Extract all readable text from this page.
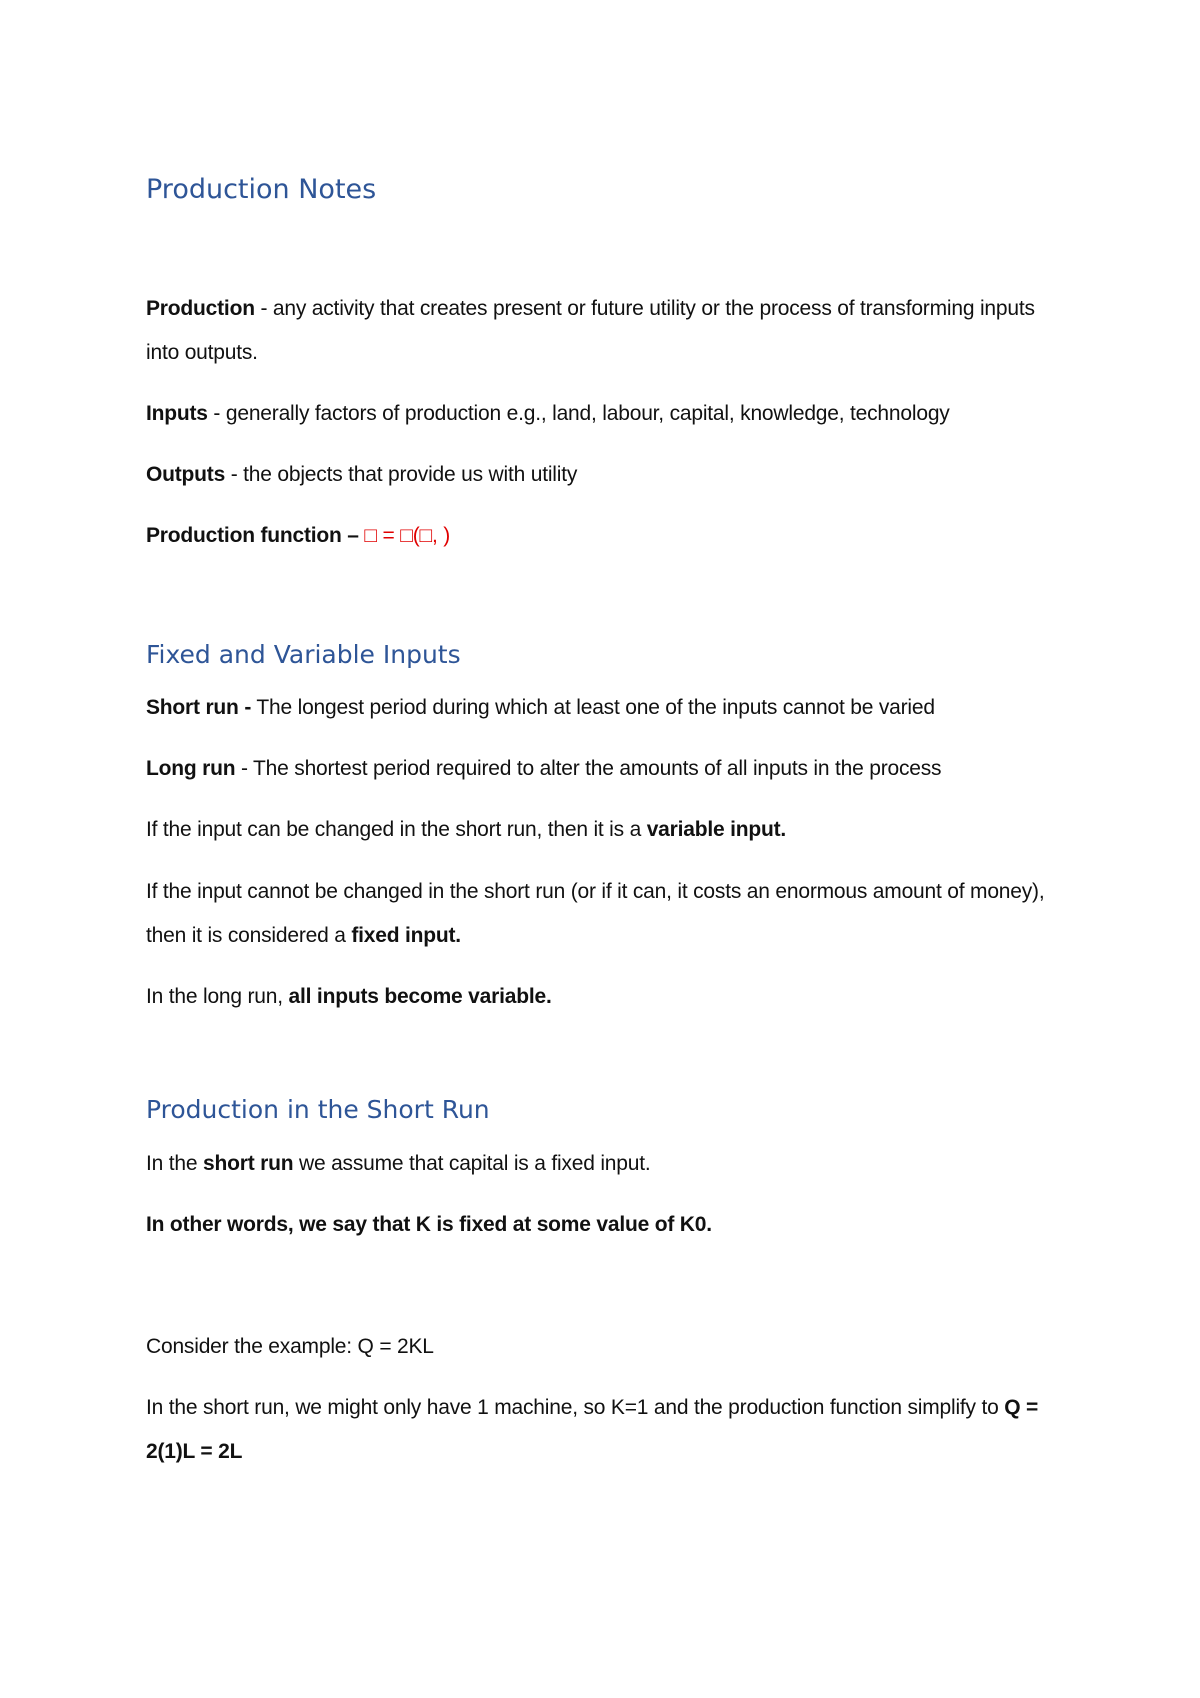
Production Notes

Production - any activity that creates present or future utility or the process of transforming inputs into outputs.

Inputs - generally factors of production e.g., land, labour, capital, knowledge, technology

Outputs - the objects that provide us with utility

Production function – □ = □(□, )

Fixed and Variable Inputs

Short run - The longest period during which at least one of the inputs cannot be varied

Long run - The shortest period required to alter the amounts of all inputs in the process

If the input can be changed in the short run, then it is a variable input.

If the input cannot be changed in the short run (or if it can, it costs an enormous amount of money), then it is considered a fixed input.

In the long run, all inputs become variable.

Production in the Short Run

In the short run we assume that capital is a fixed input.

In other words, we say that K is fixed at some value of K0.

Consider the example: Q = 2KL

In the short run, we might only have 1 machine, so K=1 and the production function simplify to Q = 2(1)L = 2L
